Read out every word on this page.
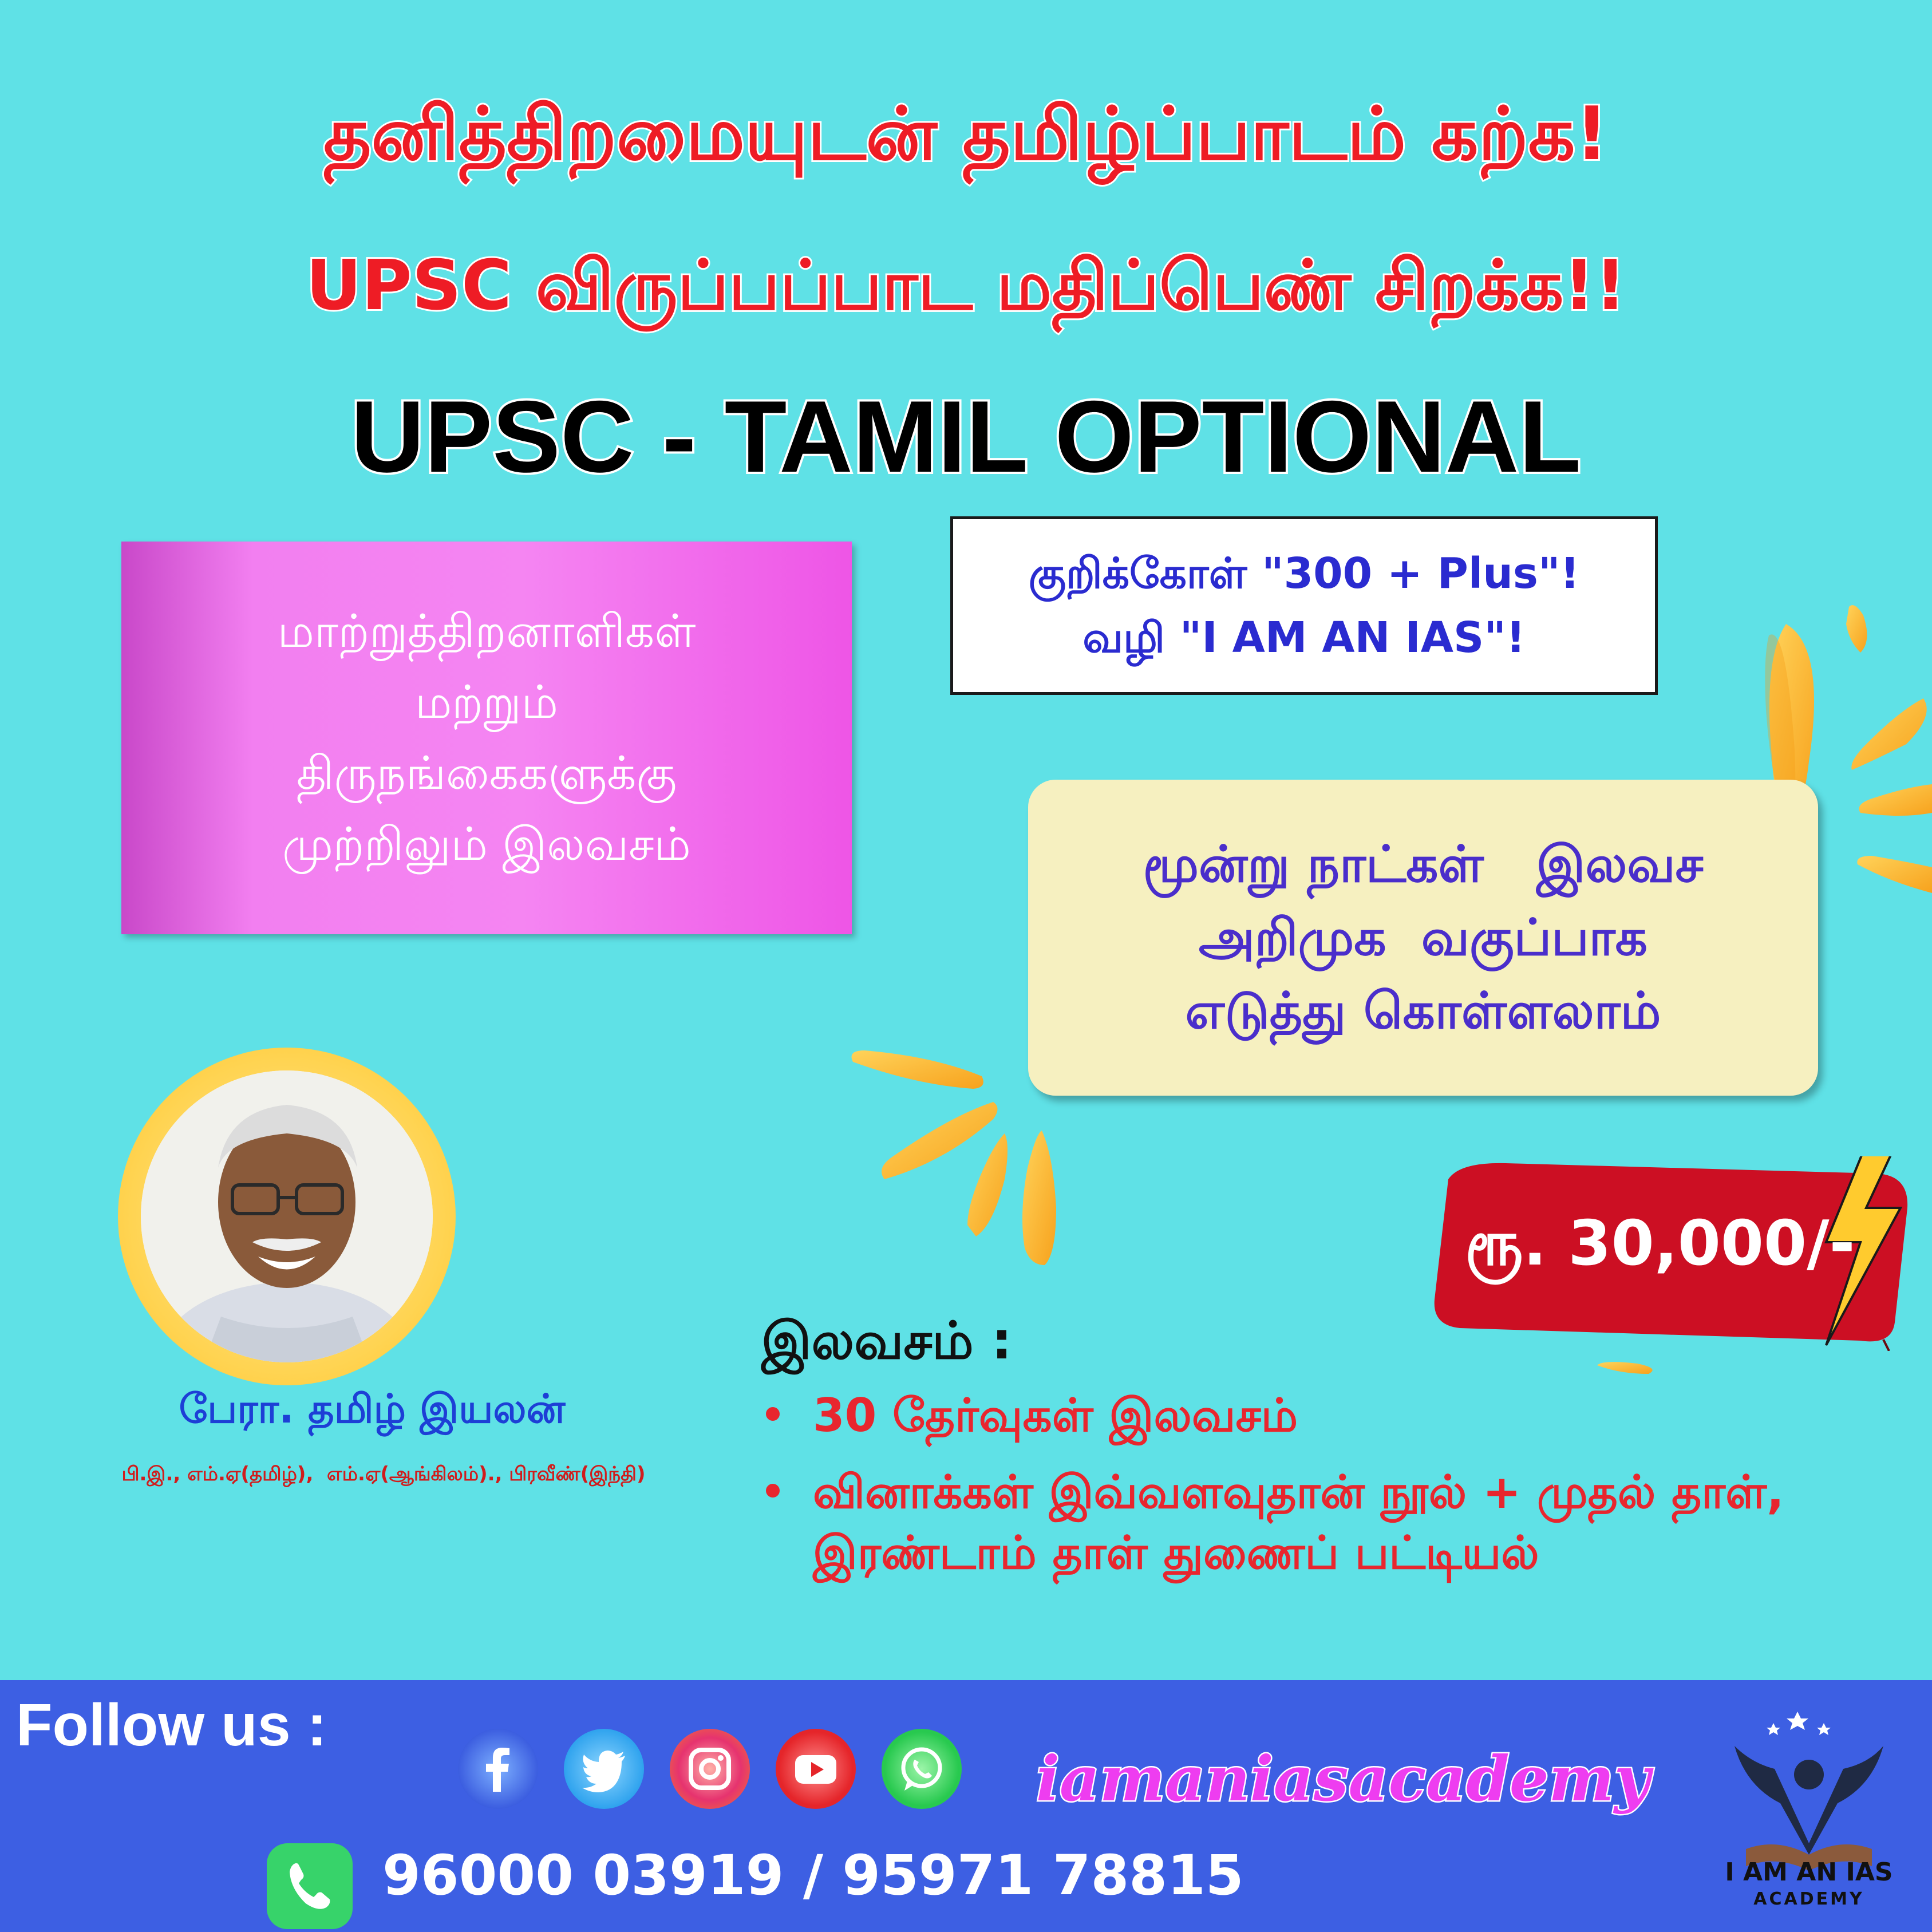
தனித்திறமையுடன் தமிழ்ப்பாடம் கற்க!
UPSC விருப்பப்பாட மதிப்பெண் சிறக்க!!
UPSC - TAMIL OPTIONAL
மாற்றுத்திறனாளிகள்
மற்றும்
திருநங்கைகளுக்கு
முற்றிலும் இலவசம்
குறிக்கோள் "300 + Plus"!
வழி "I AM AN IAS"!
மூன்று நாட்கள்   இலவச
அறிமுக  வகுப்பாக
எடுத்து கொள்ளலாம்
ரூ. 30,000/-
பேரா. தமிழ் இயலன்
பி.இ., எம்.ஏ(தமிழ்),  எம்.ஏ(ஆங்கிலம்)., பிரவீண்(இந்தி)
இலவசம் :
30 தேர்வுகள் இலவசம்
வினாக்கள் இவ்வளவுதான் நூல் + முதல் தாள், இரண்டாம் தாள் துணைப் பட்டியல்
Follow us :
iamaniasacademy
96000 03919 / 95971 78815	I AM AN IAS
ACADEMY
